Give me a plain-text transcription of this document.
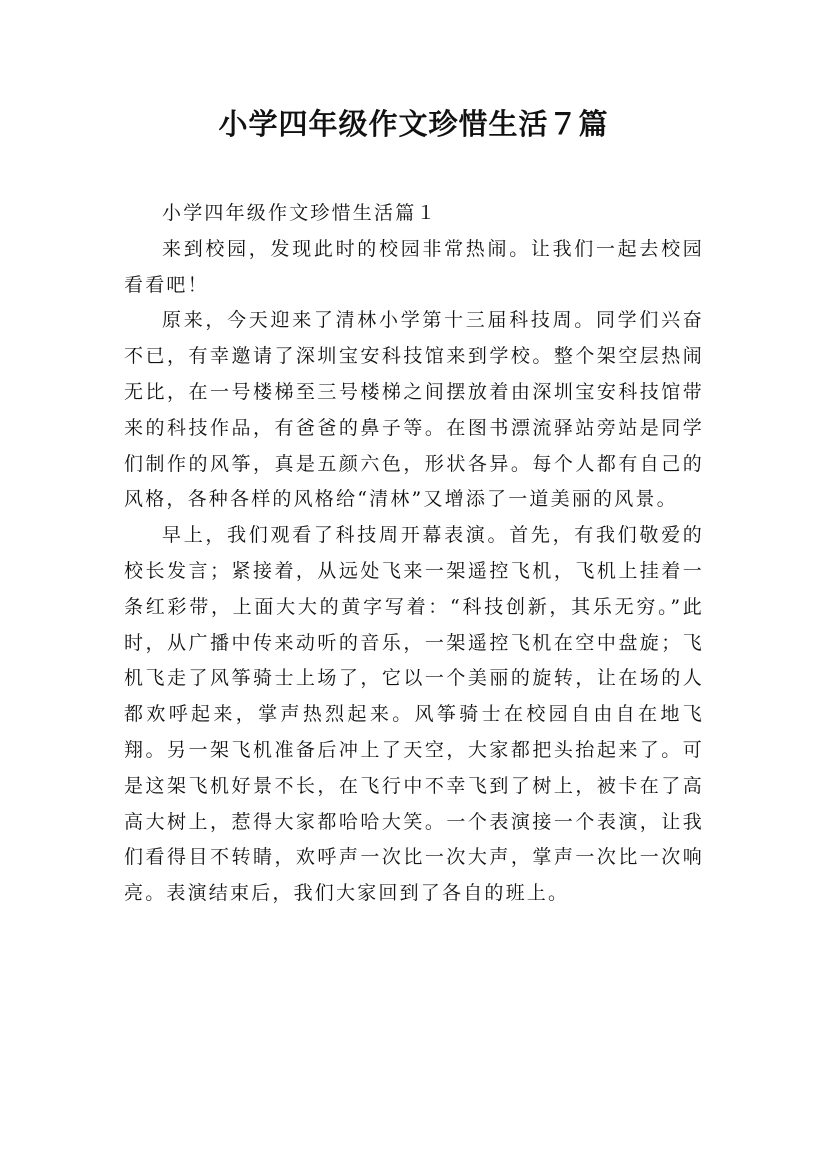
小学四年级作文珍惜生活７篇

小学四年级作文珍惜生活篇１

来到校园，发现此时的校园非常热闹。让我们一起去校园看看吧！

原来，今天迎来了清林小学第十三届科技周。同学们兴奋不已，有幸邀请了深圳宝安科技馆来到学校。整个架空层热闹无比，在一号楼梯至三号楼梯之间摆放着由深圳宝安科技馆带来的科技作品，有爸爸的鼻子等。在图书漂流驿站旁站是同学们制作的风筝，真是五颜六色，形状各异。每个人都有自己的风格，各种各样的风格给“清林”又增添了一道美丽的风景。

早上，我们观看了科技周开幕表演。首先，有我们敬爱的校长发言；紧接着，从远处飞来一架遥控飞机，飞机上挂着一条红彩带，上面大大的黄字写着：“科技创新，其乐无穷。”此时，从广播中传来动听的音乐，一架遥控飞机在空中盘旋；飞机飞走了风筝骑士上场了，它以一个美丽的旋转，让在场的人都欢呼起来，掌声热烈起来。风筝骑士在校园自由自在地飞翔。另一架飞机准备后冲上了天空，大家都把头抬起来了。可是这架飞机好景不长，在飞行中不幸飞到了树上，被卡在了高高大树上，惹得大家都哈哈大笑。一个表演接一个表演，让我们看得目不转睛，欢呼声一次比一次大声，掌声一次比一次响亮。表演结束后，我们大家回到了各自的班上。
